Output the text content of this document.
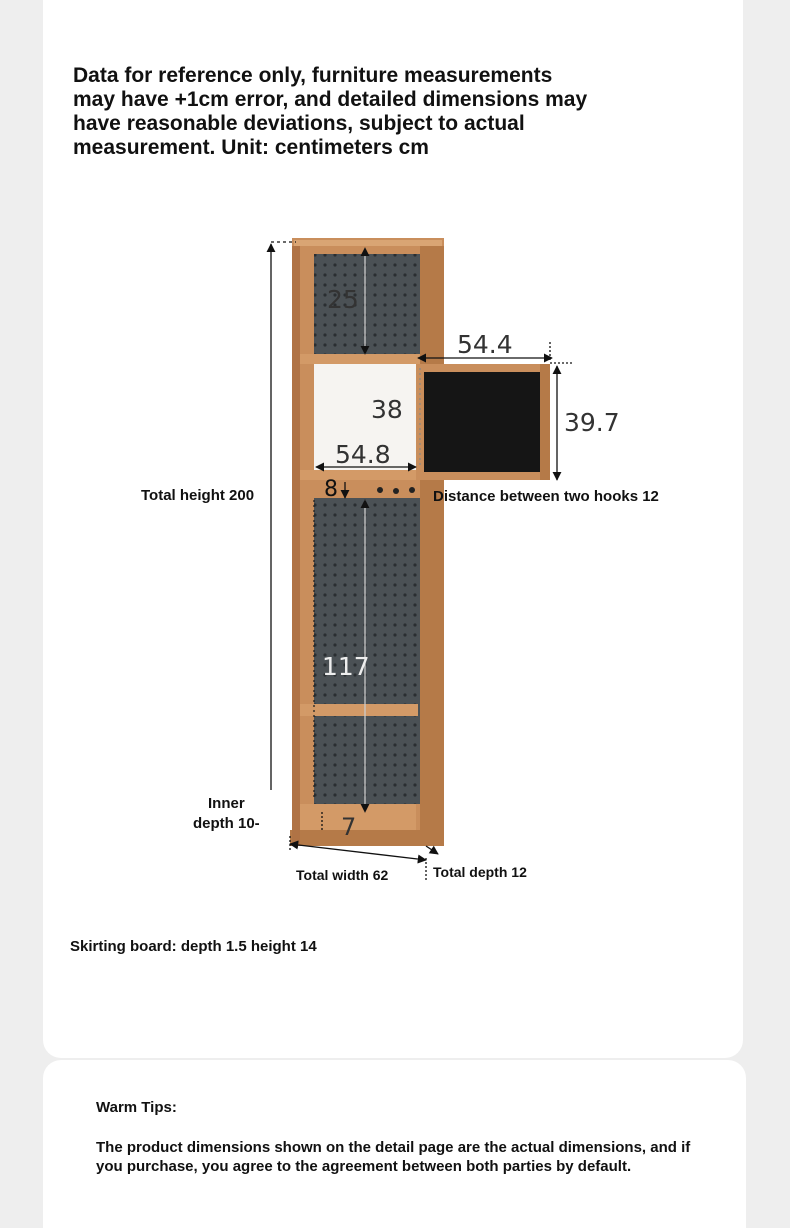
Data for reference only, furniture measurements may have +1cm error, and detailed dimensions may have reasonable deviations, subject to actual measurement. Unit: centimeters cm
25
54.4
38	39.7
54.8
8
117
7
Total height 200	Distance between two hooks 12
Inner
depth 10-
Total width 62	Total depth 12
Skirting board: depth 1.5 height 14
Warm Tips:
The product dimensions shown on the detail page are the actual dimensions, and if you purchase, you agree to the agreement between both parties by default.
